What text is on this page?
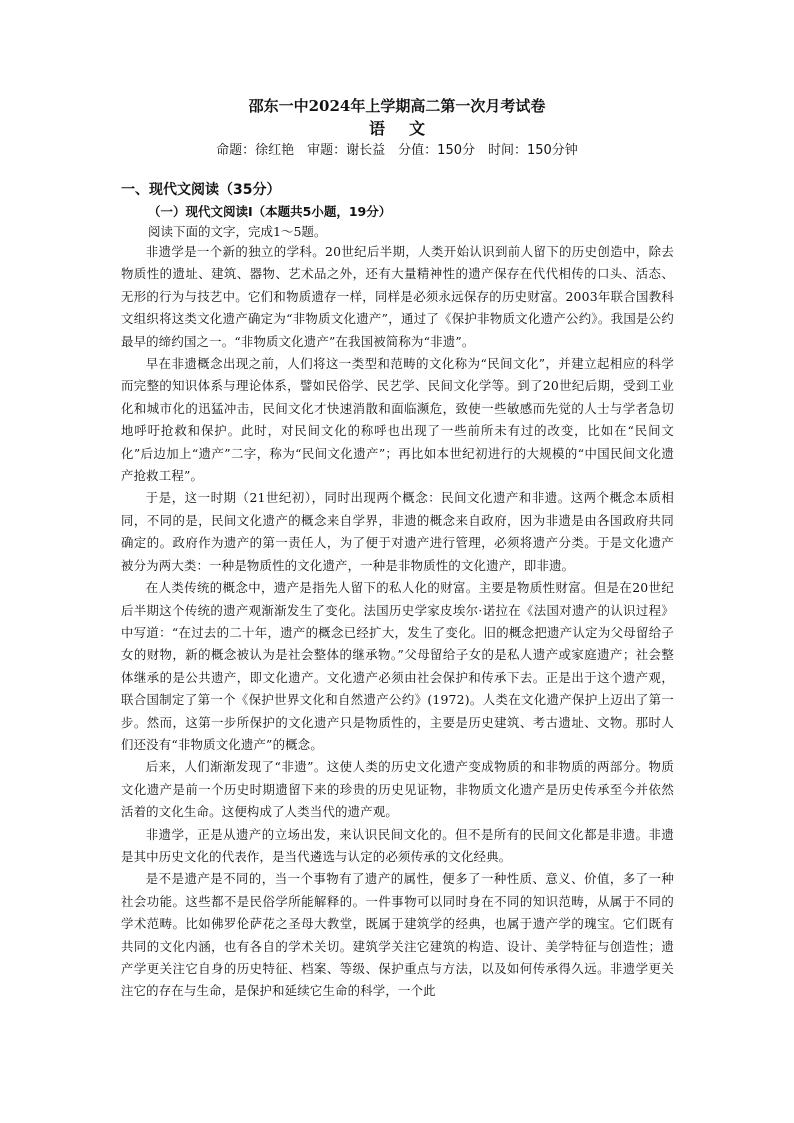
邵东一中2024年上学期高二第一次月考试卷
语文
命题：徐红艳　审题：谢长益　分值：150分　时间：150分钟
一、现代文阅读（35分）
（一）现代文阅读Ⅰ（本题共5小题，19分）
阅读下面的文字，完成1～5题。

非遗学是一个新的独立的学科。20世纪后半期，人类开始认识到前人留下的历史创造中，除去物质性的遗址、建筑、器物、艺术品之外，还有大量精神性的遗产保存在代代相传的口头、活态、无形的行为与技艺中。它们和物质遗存一样，同样是必须永远保存的历史财富。2003年联合国教科文组织将这类文化遗产确定为“非物质文化遗产”，通过了《保护非物质文化遗产公约》。我国是公约最早的缔约国之一。“非物质文化遗产”在我国被简称为“非遗”。

早在非遗概念出现之前，人们将这一类型和范畴的文化称为“民间文化”，并建立起相应的科学而完整的知识体系与理论体系，譬如民俗学、民艺学、民间文化学等。到了20世纪后期，受到工业化和城市化的迅猛冲击，民间文化才快速消散和面临濒危，致使一些敏感而先觉的人士与学者急切地呼吁抢救和保护。此时，对民间文化的称呼也出现了一些前所未有过的改变，比如在“民间文化”后边加上“遗产”二字，称为“民间文化遗产”；再比如本世纪初进行的大规模的“中国民间文化遗产抢救工程”。

于是，这一时期（21世纪初），同时出现两个概念：民间文化遗产和非遗。这两个概念本质相同，不同的是，民间文化遗产的概念来自学界，非遗的概念来自政府，因为非遗是由各国政府共同确定的。政府作为遗产的第一责任人，为了便于对遗产进行管理，必须将遗产分类。于是文化遗产被分为两大类：一种是物质性的文化遗产，一种是非物质性的文化遗产，即非遗。

在人类传统的概念中，遗产是指先人留下的私人化的财富。主要是物质性财富。但是在20世纪后半期这个传统的遗产观渐渐发生了变化。法国历史学家皮埃尔·诺拉在《法国对遗产的认识过程》中写道：“在过去的二十年，遗产的概念已经扩大，发生了变化。旧的概念把遗产认定为父母留给子女的财物，新的概念被认为是社会整体的继承物。”父母留给子女的是私人遗产或家庭遗产；社会整体继承的是公共遗产，即文化遗产。文化遗产必须由社会保护和传承下去。正是出于这个遗产观，联合国制定了第一个《保护世界文化和自然遗产公约》(1972)。人类在文化遗产保护上迈出了第一步。然而，这第一步所保护的文化遗产只是物质性的，主要是历史建筑、考古遗址、文物。那时人们还没有“非物质文化遗产”的概念。

后来，人们渐渐发现了“非遗”。这使人类的历史文化遗产变成物质的和非物质的两部分。物质文化遗产是前一个历史时期遗留下来的珍贵的历史见证物，非物质文化遗产是历史传承至今并依然活着的文化生命。这便构成了人类当代的遗产观。

非遗学，正是从遗产的立场出发，来认识民间文化的。但不是所有的民间文化都是非遗。非遗是其中历史文化的代表作，是当代遴选与认定的必须传承的文化经典。

是不是遗产是不同的，当一个事物有了遗产的属性，便多了一种性质、意义、价值，多了一种社会功能。这些都不是民俗学所能解释的。一件事物可以同时身在不同的知识范畴，从属于不同的学术范畴。比如佛罗伦萨花之圣母大教堂，既属于建筑学的经典，也属于遗产学的瑰宝。它们既有共同的文化内涵，也有各自的学术关切。建筑学关注它建筑的构造、设计、美学特征与创造性；遗产学更关注它自身的历史特征、档案、等级、保护重点与方法，以及如何传承得久远。非遗学更关注它的存在与生命，是保护和延续它生命的科学，一个此
